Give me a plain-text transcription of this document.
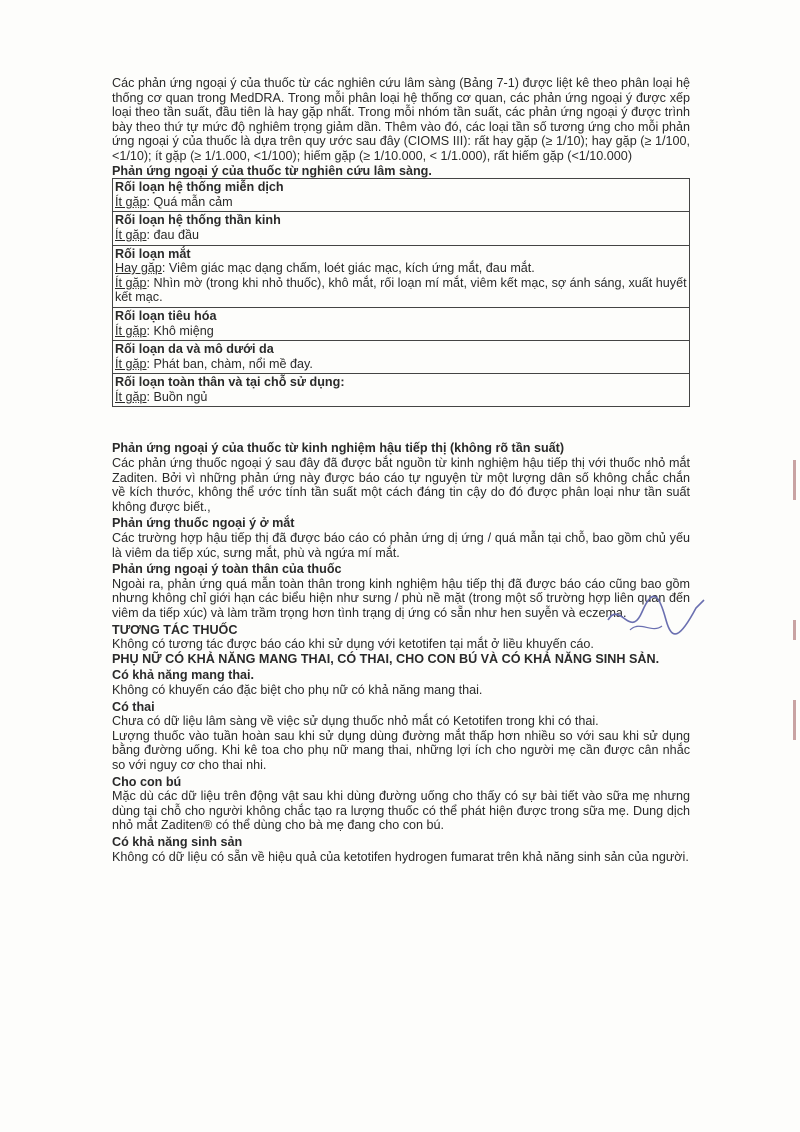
Các phản ứng ngoại ý của thuốc từ các nghiên cứu lâm sàng (Bảng 7-1) được liệt kê theo phân loại hệ thống cơ quan trong MedDRA. Trong mỗi phân loại hệ thống cơ quan, các phản ứng ngoại ý được xếp loại theo tần suất, đầu tiên là hay gặp nhất. Trong mỗi nhóm tần suất, các phản ứng ngoại ý được trình bày theo thứ tự mức độ nghiêm trọng giảm dần. Thêm vào đó, các loại tần số tương ứng cho mỗi phản ứng ngoại ý của thuốc là dựa trên quy ước sau đây (CIOMS III): rất hay gặp (≥ 1/10); hay gặp (≥ 1/100, <1/10); ít gặp (≥ 1/1.000, <1/100); hiếm gặp (≥ 1/10.000, < 1/1.000), rất hiếm gặp (<1/10.000)

Phản ứng ngoại ý của thuốc từ nghiên cứu lâm sàng.

Rối loạn hệ thống miễn dịch
Ít gặp: Quá mẫn cảm

Rối loạn hệ thống thần kinh
Ít gặp: đau đầu

Rối loạn mắt
Hay gặp: Viêm giác mạc dạng chấm, loét giác mạc, kích ứng mắt, đau mắt.
Ít gặp: Nhìn mờ (trong khi nhỏ thuốc), khô mắt, rối loạn mí mắt, viêm kết mạc, sợ ánh sáng, xuất huyết kết mạc.

Rối loạn tiêu hóa
Ít gặp: Khô miệng

Rối loạn da và mô dưới da
Ít gặp: Phát ban, chàm, nổi mề đay.

Rối loạn toàn thân và tại chỗ sử dụng:
Ít gặp: Buồn ngủ

Phản ứng ngoại ý của thuốc từ kinh nghiệm hậu tiếp thị (không rõ tần suất)

Các phản ứng thuốc ngoại ý sau đây đã được bắt nguồn từ kinh nghiệm hậu tiếp thị với thuốc nhỏ mắt Zaditen. Bởi vì những phản ứng này được báo cáo tự nguyện từ một lượng dân số không chắc chắn về kích thước, không thể ước tính tần suất một cách đáng tin cậy do đó được phân loại như tần suất không được biết.,

Phản ứng thuốc ngoại ý ở mắt

Các trường hợp hậu tiếp thị đã được báo cáo có phản ứng dị ứng / quá mẫn tại chỗ, bao gồm chủ yếu là viêm da tiếp xúc, sưng mắt, phù và ngứa mí mắt.

Phản ứng ngoại ý toàn thân của thuốc

Ngoài ra, phản ứng quá mẫn toàn thân trong kinh nghiệm hậu tiếp thị đã được báo cáo cũng bao gồm nhưng không chỉ giới hạn các biểu hiện như sưng / phù nề mặt (trong một số trường hợp liên quan đến viêm da tiếp xúc) và làm trầm trọng hơn tình trạng dị ứng có sẵn như hen suyễn và eczema.

TƯƠNG TÁC THUỐC

Không có tương tác được báo cáo khi sử dụng với ketotifen tại mắt ở liều khuyến cáo.

PHỤ NỮ CÓ KHẢ NĂNG MANG THAI, CÓ THAI, CHO CON BÚ VÀ CÓ KHẢ NĂNG SINH SẢN.

Có khả năng mang thai.

Không có khuyến cáo đặc biệt cho phụ nữ có khả năng mang thai.

Có thai

Chưa có dữ liệu lâm sàng về việc sử dụng thuốc nhỏ mắt có Ketotifen trong khi có thai.

Lượng thuốc vào tuần hoàn sau khi sử dụng dùng đường mắt thấp hơn nhiều so với sau khi sử dụng bằng đường uống. Khi kê toa cho phụ nữ mang thai, những lợi ích cho người mẹ cần được cân nhắc so với nguy cơ cho thai nhi.

Cho con bú

Mặc dù các dữ liệu trên động vật sau khi dùng đường uống cho thấy có sự bài tiết vào sữa mẹ nhưng dùng tại chỗ cho người không chắc tạo ra lượng thuốc có thể phát hiện được trong sữa mẹ. Dung dịch nhỏ mắt Zaditen® có thể dùng cho bà mẹ đang cho con bú.

Có khả năng sinh sản

Không có dữ liệu có sẵn về hiệu quả của ketotifen hydrogen fumarat trên khả năng sinh sản của người.
